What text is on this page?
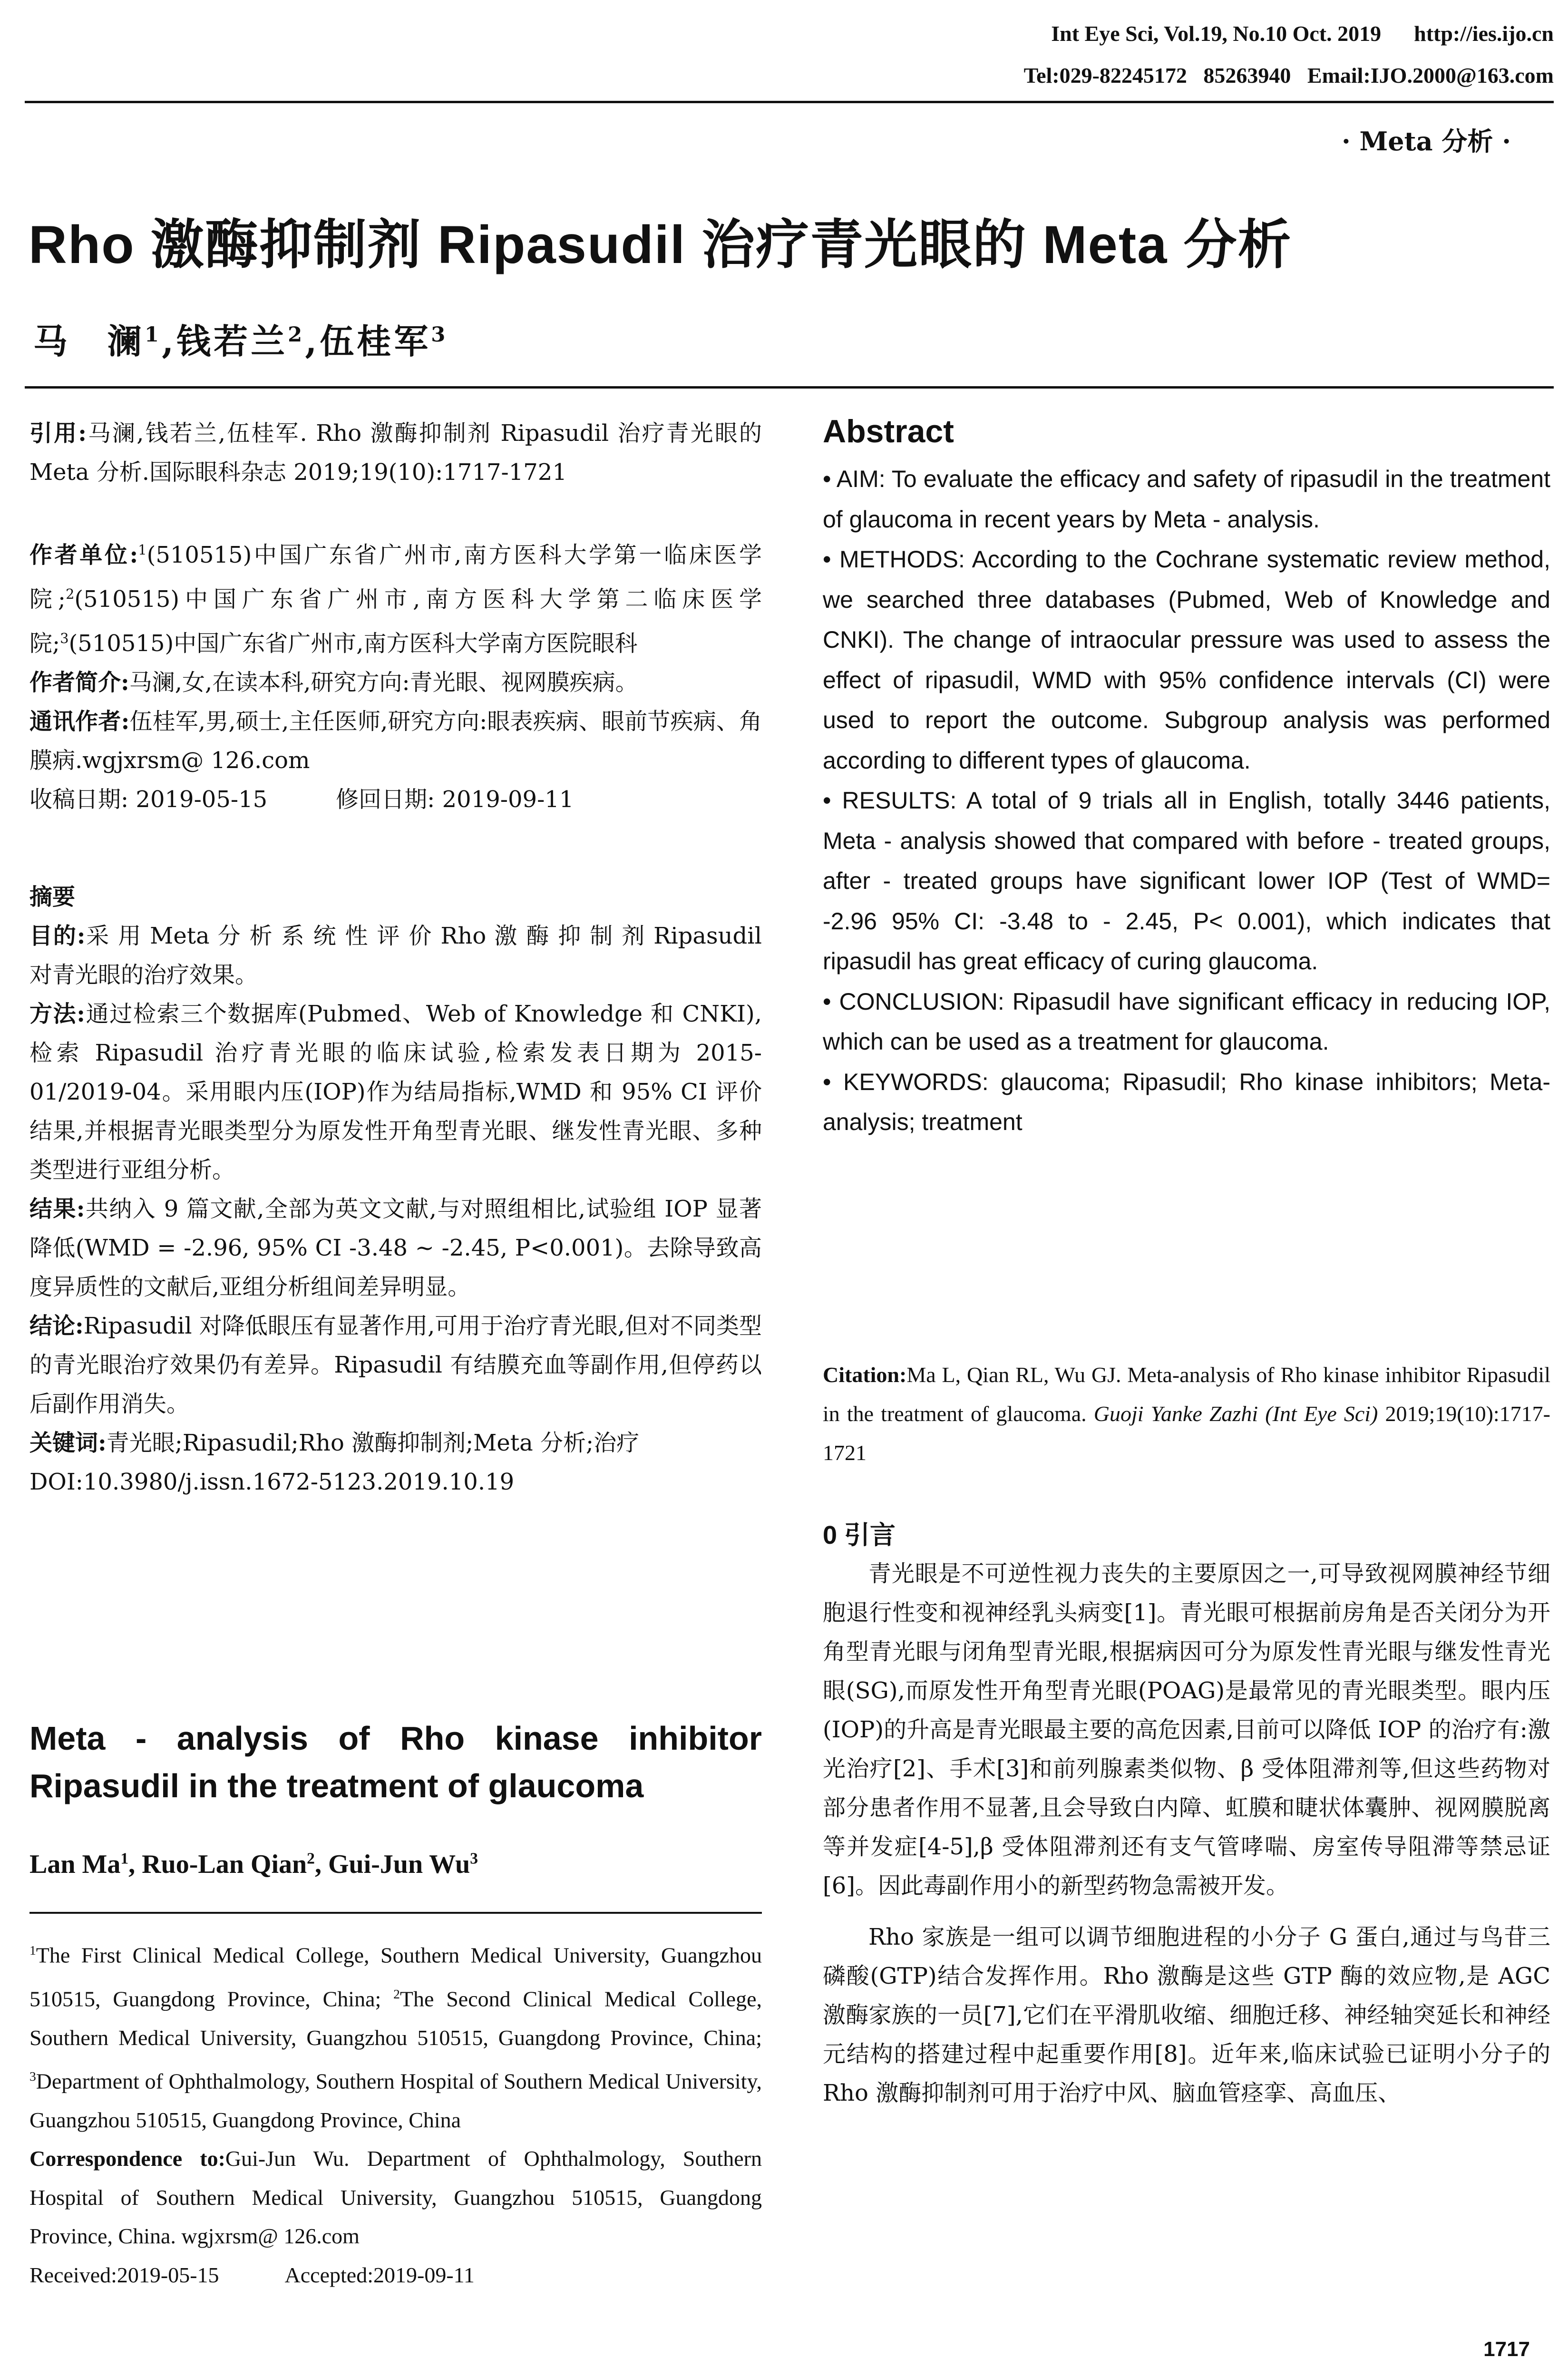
Int Eye Sci, Vol.19, No.10 Oct. 2019      http://ies.ijo.cn
Tel:029-82245172   85263940   Email:IJO.2000@163.com
· Meta 分析 ·
Rho 激酶抑制剂 Ripasudil 治疗青光眼的 Meta 分析
马　澜$^1$,钱若兰$^2$,伍桂军$^3$

引用:马澜,钱若兰,伍桂军. Rho 激酶抑制剂 Ripasudil 治疗青光眼的 Meta 分析.国际眼科杂志 2019;19(10):1717-1721

作者单位:$^1$(510515)中国广东省广州市,南方医科大学第一临床医学院;$^2$(510515)中国广东省广州市,南方医科大学第二临床医学院;$^3$(510515)中国广东省广州市,南方医科大学南方医院眼科

作者简介:马澜,女,在读本科,研究方向:青光眼、视网膜疾病。

通讯作者:伍桂军,男,硕士,主任医师,研究方向:眼表疾病、眼前节疾病、角膜病.wgjxrsm@ 126.com

收稿日期: 2019-05-15　　　修回日期: 2019-09-11

摘要

目的:采 用 Meta 分 析 系 统 性 评 价 Rho 激 酶 抑 制 剂 Ripasudil 对青光眼的治疗效果。

方法:通过检索三个数据库(Pubmed、Web of Knowledge 和 CNKI),检索 Ripasudil 治疗青光眼的临床试验,检索发表日期为 2015-01/2019-04。采用眼内压(IOP)作为结局指标,WMD 和 95% CI 评价结果,并根据青光眼类型分为原发性开角型青光眼、继发性青光眼、多种类型进行亚组分析。

结果:共纳入 9 篇文献,全部为英文文献,与对照组相比,试验组 IOP 显著降低(WMD = -2.96, 95% CI -3.48 ~ -2.45, P<0.001)。去除导致高度异质性的文献后,亚组分析组间差异明显。

结论:Ripasudil 对降低眼压有显著作用,可用于治疗青光眼,但对不同类型的青光眼治疗效果仍有差异。Ripasudil 有结膜充血等副作用,但停药以后副作用消失。

关键词:青光眼;Ripasudil;Rho 激酶抑制剂;Meta 分析;治疗

DOI:10.3980/j.issn.1672-5123.2019.10.19

Meta - analysis of Rho kinase inhibitor Ripasudil in the treatment of glaucoma
Lan Ma$^1$, Ruo-Lan Qian$^2$, Gui-Jun Wu$^3$

$^1$The First Clinical Medical College, Southern Medical University, Guangzhou 510515, Guangdong Province, China; $^2$The Second Clinical Medical College, Southern Medical University, Guangzhou 510515, Guangdong Province, China; $^3$Department of Ophthalmology, Southern Hospital of Southern Medical University, Guangzhou 510515, Guangdong Province, China

Correspondence to:Gui-Jun Wu. Department of Ophthalmology, Southern Hospital of Southern Medical University, Guangzhou 510515, Guangdong Province, China. wgjxrsm@ 126.com

Received:2019-05-15　　　Accepted:2019-09-11

Abstract

• AIM: To evaluate the efficacy and safety of ripasudil in the treatment of glaucoma in recent years by Meta - analysis.

• METHODS: According to the Cochrane systematic review method, we searched three databases (Pubmed, Web of Knowledge and CNKI). The change of intraocular pressure was used to assess the effect of ripasudil, WMD with 95% confidence intervals (CI) were used to report the outcome. Subgroup analysis was performed according to different types of glaucoma.

• RESULTS: A total of 9 trials all in English, totally 3446 patients, Meta - analysis showed that compared with before - treated groups, after - treated groups have significant lower IOP (Test of WMD= -2.96 95% CI: -3.48 to - 2.45, P< 0.001), which indicates that ripasudil has great efficacy of curing glaucoma.

• CONCLUSION: Ripasudil have significant efficacy in reducing IOP, which can be used as a treatment for glaucoma.

• KEYWORDS: glaucoma; Ripasudil; Rho kinase inhibitors; Meta-analysis; treatment

Citation:Ma L, Qian RL, Wu GJ. Meta-analysis of Rho kinase inhibitor Ripasudil in the treatment of glaucoma. Guoji Yanke Zazhi (Int Eye Sci) 2019;19(10):1717-1721

0 引言

青光眼是不可逆性视力丧失的主要原因之一,可导致视网膜神经节细胞退行性变和视神经乳头病变[1]。青光眼可根据前房角是否关闭分为开角型青光眼与闭角型青光眼,根据病因可分为原发性青光眼与继发性青光眼(SG),而原发性开角型青光眼(POAG)是最常见的青光眼类型。眼内压(IOP)的升高是青光眼最主要的高危因素,目前可以降低 IOP 的治疗有:激光治疗[2]、手术[3]和前列腺素类似物、β 受体阻滞剂等,但这些药物对部分患者作用不显著,且会导致白内障、虹膜和睫状体囊肿、视网膜脱离等并发症[4-5],β 受体阻滞剂还有支气管哮喘、房室传导阻滞等禁忌证[6]。因此毒副作用小的新型药物急需被开发。

Rho 家族是一组可以调节细胞进程的小分子 G 蛋白,通过与鸟苷三磷酸(GTP)结合发挥作用。Rho 激酶是这些 GTP 酶的效应物,是 AGC 激酶家族的一员[7],它们在平滑肌收缩、细胞迁移、神经轴突延长和神经元结构的搭建过程中起重要作用[8]。近年来,临床试验已证明小分子的 Rho 激酶抑制剂可用于治疗中风、脑血管痉挛、高血压、

1717
